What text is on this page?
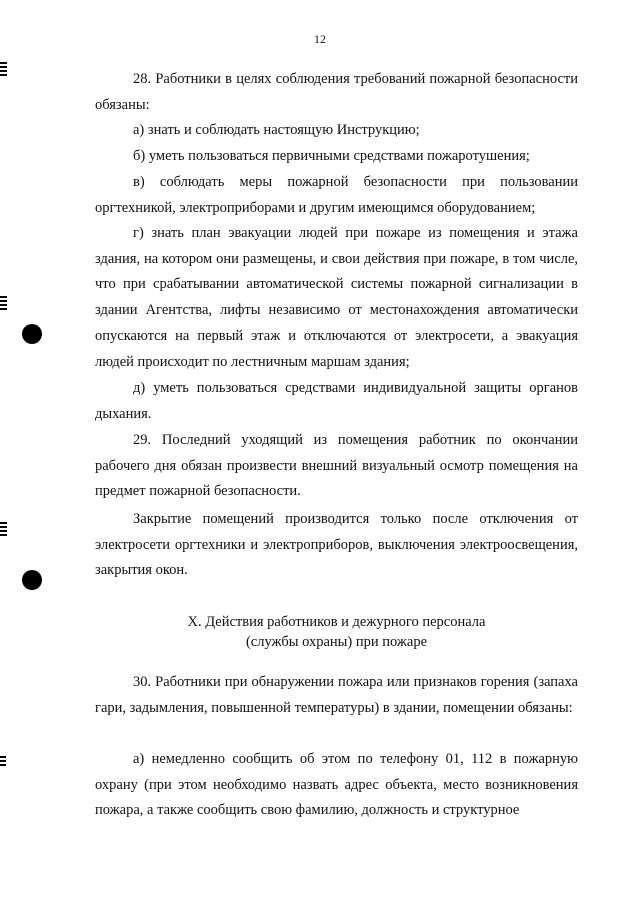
12

28. Работники в целях соблюдения требований пожарной безопасности обязаны:

а) знать и соблюдать настоящую Инструкцию;

б) уметь пользоваться первичными средствами пожаротушения;

в) соблюдать меры пожарной безопасности при пользовании оргтехникой, электроприборами и другим имеющимся оборудованием;

г) знать план эвакуации людей при пожаре из помещения и этажа здания, на котором они размещены, и свои действия при пожаре, в том числе, что при срабатывании автоматической системы пожарной сигнализации в здании Агентства, лифты независимо от местонахождения автоматически опускаются на первый этаж и отключаются от электросети, а эвакуация людей происходит по лестничным маршам здания;

д) уметь пользоваться средствами индивидуальной защиты органов дыхания.

29. Последний уходящий из помещения работник по окончании рабочего дня обязан произвести внешний визуальный осмотр помещения на предмет пожарной безопасности.

Закрытие помещений производится только после отключения от электросети оргтехники и электроприборов, выключения электроосвещения, закрытия окон.

X. Действия работников и дежурного персонала
(службы охраны) при пожаре

30. Работники при обнаружении пожара или признаков горения (запаха гари, задымления, повышенной температуры) в здании, помещении обязаны:

а) немедленно сообщить об этом по телефону 01, 112 в пожарную охрану (при этом необходимо назвать адрес объекта, место возникновения пожара, а также сообщить свою фамилию, должность и структурное
